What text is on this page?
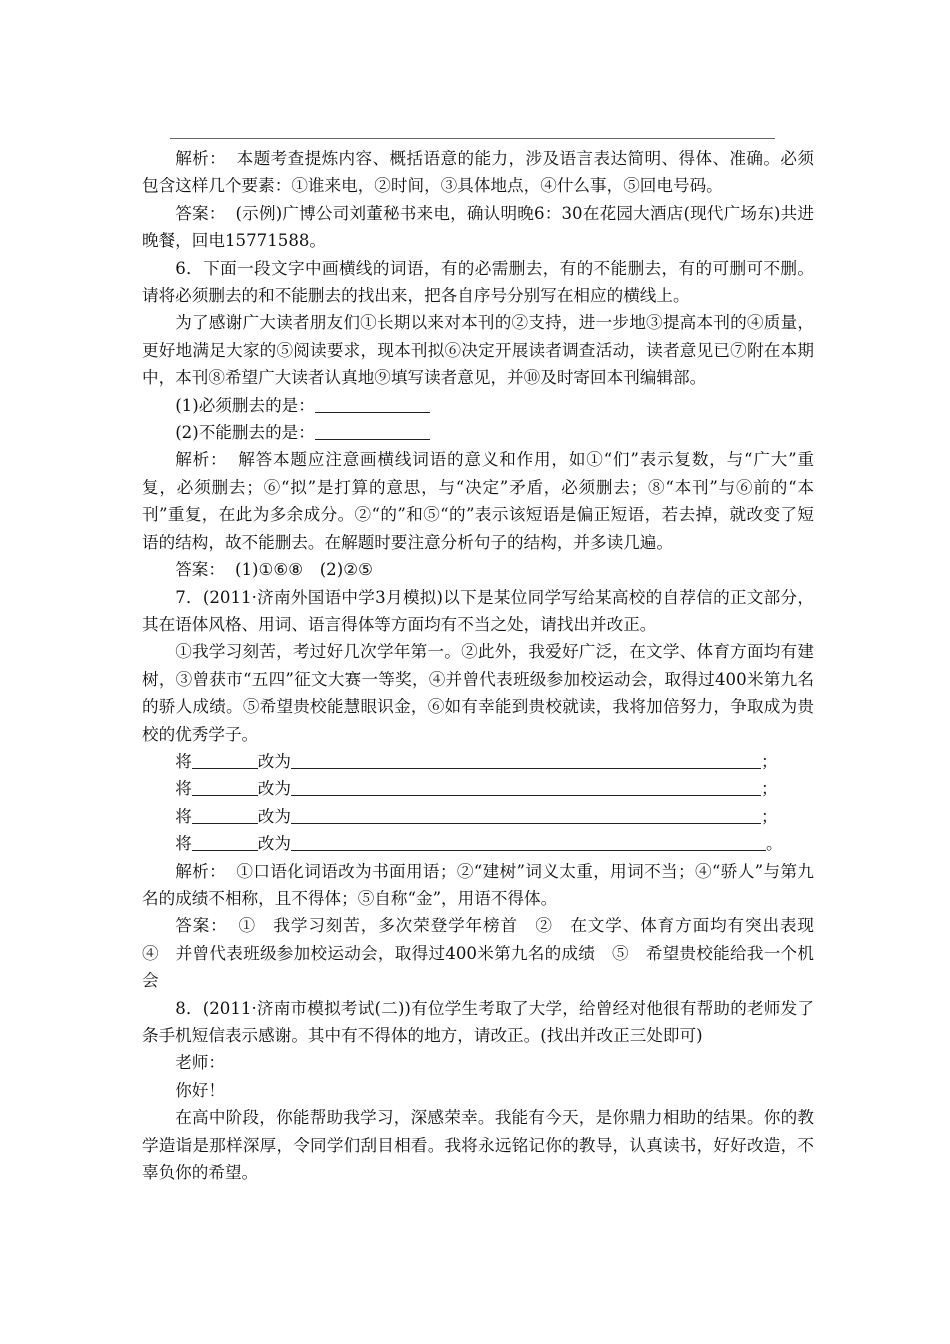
解析： 本题考查提炼内容、概括语意的能力，涉及语言表达简明、得体、准确。必须包含这样几个要素：①谁来电，②时间，③具体地点，④什么事，⑤回电号码。

答案： (示例)广博公司刘董秘书来电，确认明晚6：30在花园大酒店(现代广场东)共进晚餐，回电15771588。

6．下面一段文字中画横线的词语，有的必需删去，有的不能删去，有的可删可不删。请将必须删去的和不能删去的找出来，把各自序号分别写在相应的横线上。

为了感谢广大读者朋友们①长期以来对本刊的②支持，进一步地③提高本刊的④质量，更好地满足大家的⑤阅读要求，现本刊拟⑥决定开展读者调查活动，读者意见已⑦附在本期中，本刊⑧希望广大读者认真地⑨填写读者意见，并⑩及时寄回本刊编辑部。

(1)必须删去的是：

(2)不能删去的是：

解析： 解答本题应注意画横线词语的意义和作用，如①“们”表示复数，与“广大”重复，必须删去；⑥“拟”是打算的意思，与“决定”矛盾，必须删去；⑧“本刊”与⑥前的“本刊”重复，在此为多余成分。②“的”和⑤“的”表示该短语是偏正短语，若去掉，就改变了短语的结构，故不能删去。在解题时要注意分析句子的结构，并多读几遍。

答案： (1)①⑥⑧　(2)②⑤

7．(2011·济南外国语中学3月模拟)以下是某位同学写给某高校的自荐信的正文部分，其在语体风格、用词、语言得体等方面均有不当之处，请找出并改正。

①我学习刻苦，考过好几次学年第一。②此外，我爱好广泛，在文学、体育方面均有建树，③曾获市“五四”征文大赛一等奖，④并曾代表班级参加校运动会，取得过400米第九名的骄人成绩。⑤希望贵校能慧眼识金，⑥如有幸能到贵校就读，我将加倍努力，争取成为贵校的优秀学子。

将	改为	；

将	改为	；

将	改为	；

将	改为	。

解析： ①口语化词语改为书面用语；②“建树”词义太重，用词不当；④“骄人”与第九名的成绩不相称，且不得体；⑤自称“金”，用语不得体。

答案： ①　我学习刻苦，多次荣登学年榜首　②　在文学、体育方面均有突出表现　④　并曾代表班级参加校运动会，取得过400米第九名的成绩　⑤　希望贵校能给我一个机会

8．(2011·济南市模拟考试(二))有位学生考取了大学，给曾经对他很有帮助的老师发了条手机短信表示感谢。其中有不得体的地方，请改正。(找出并改正三处即可)

老师：

你好！

在高中阶段，你能帮助我学习，深感荣幸。我能有今天，是你鼎力相助的结果。你的教学造诣是那样深厚，令同学们刮目相看。我将永远铭记你的教导，认真读书，好好改造，不辜负你的希望。
